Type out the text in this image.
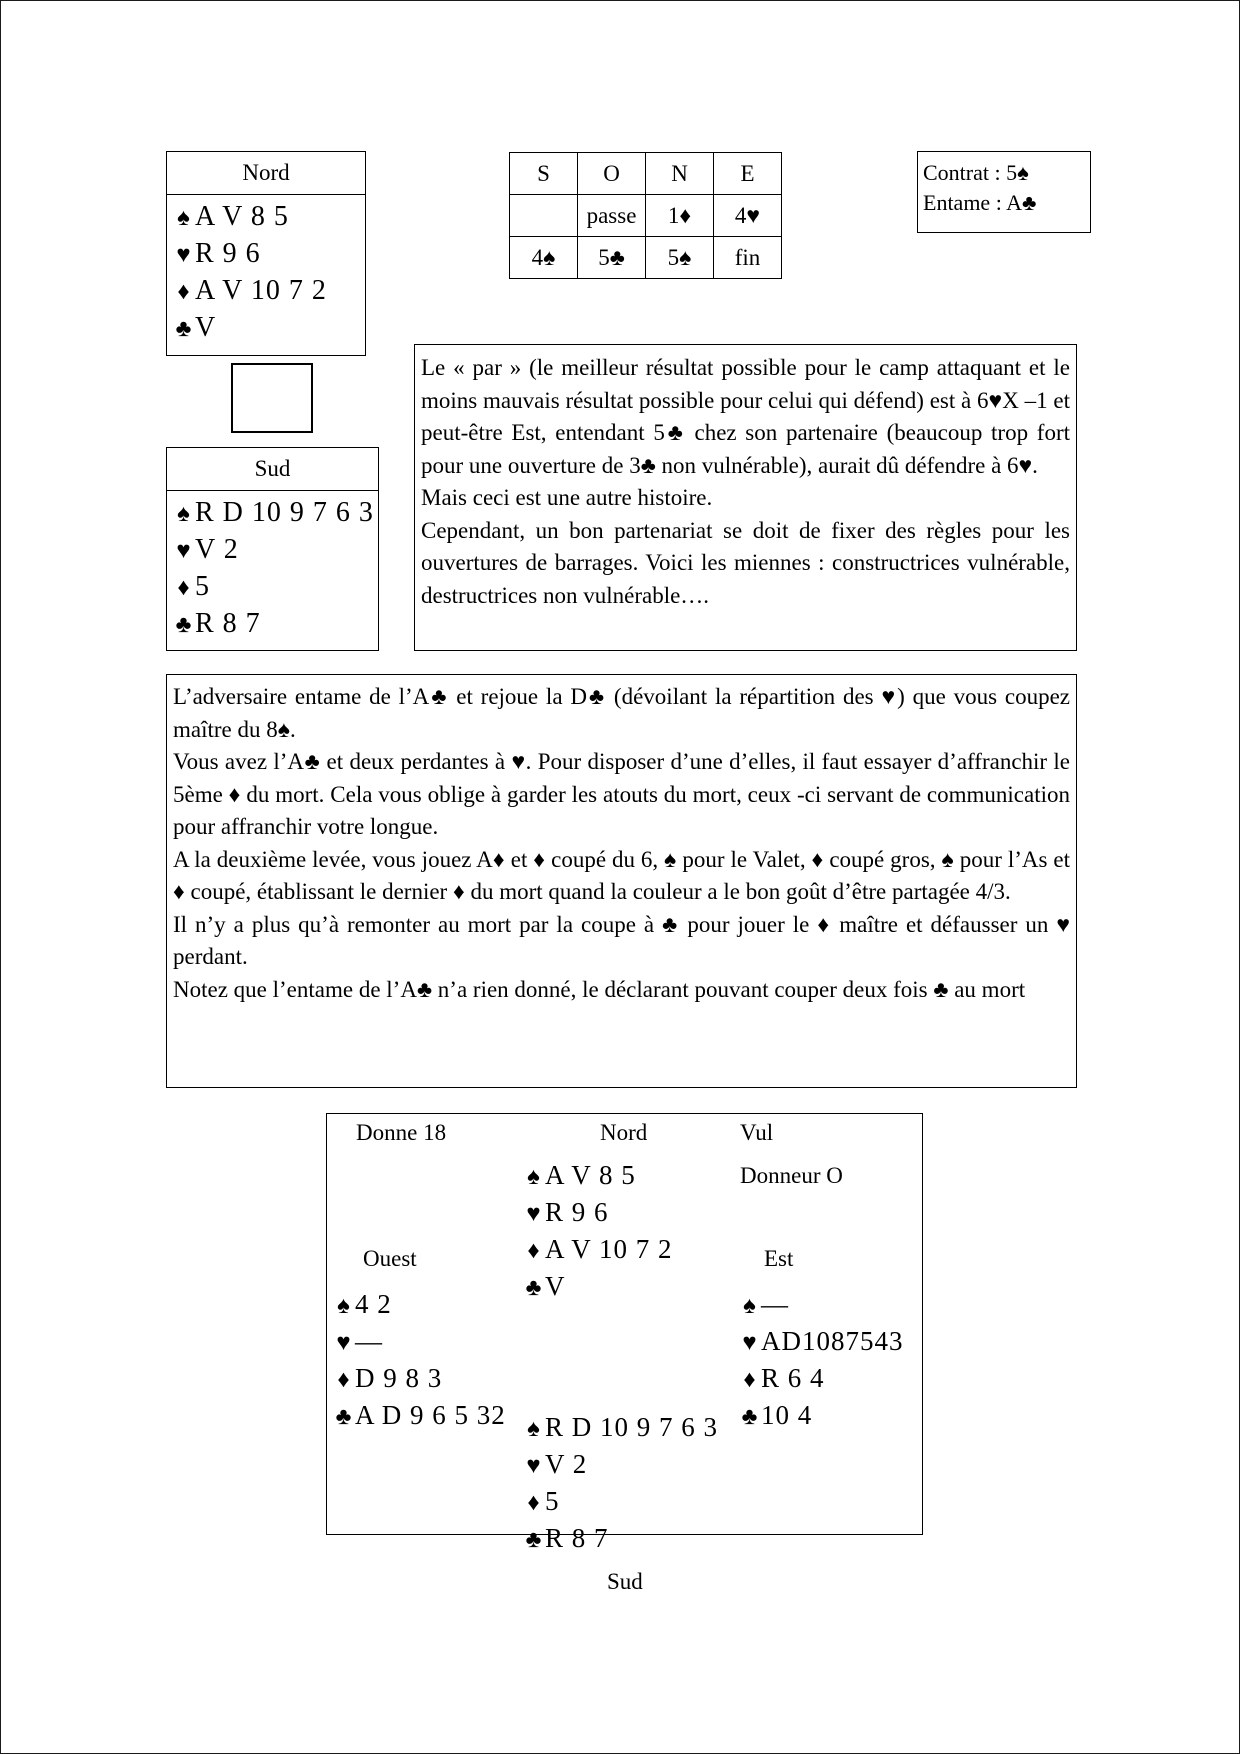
Nord
♠ A V 8 5
♥ R 9 6
♦ A V 10 7 2
♣V
Sud
♠ R D 10 9 7 6 3
♥ V 2
♦ 5
♣R 8 7
S	O	N	E
	passe	1♦	4♥
4♠	5♣	5♠	fin
Contrat : 5♠
Entame : A♣

Le « par » (le meilleur résultat possible pour le camp attaquant et le moins mauvais résultat possible pour celui qui défend) est à 6♥X –1 et peut-être Est, entendant 5♣ chez son partenaire (beaucoup trop fort pour une ouverture de 3♣ non vulnérable), aurait dû défendre à 6♥.

Mais ceci est une autre histoire.

Cependant, un bon partenariat se doit de fixer des règles pour les ouvertures de barrages. Voici les miennes : constructrices vulnérable, destructrices non vulnérable….

L’adversaire entame de l’A♣ et rejoue la D♣ (dévoilant la répartition des ♥) que vous coupez maître du 8♠.

Vous avez l’A♣ et deux perdantes à ♥. Pour disposer d’une d’elles, il faut essayer d’affranchir le 5ème ♦ du mort. Cela vous oblige à garder les atouts du mort, ceux -ci servant de communication pour affranchir votre longue.

A la deuxième levée, vous jouez A♦ et ♦ coupé du 6, ♠ pour le Valet, ♦ coupé gros, ♠ pour l’As et ♦ coupé, établissant le dernier ♦ du mort quand la couleur a le bon goût d’être partagée 4/3.

Il n’y a plus qu’à remonter au mort par la coupe à ♣ pour jouer le ♦ maître et défausser un ♥ perdant.

Notez que l’entame de l’A♣ n’a rien donné, le déclarant pouvant couper deux fois ♣ au mort

Donne 18	Nord	Vul
Donneur O
Ouest	Est
Sud
♠ A V 8 5
♥ R 9 6
♦ A V 10 7 2
♣V
♠ 4 2
♥ —
♦ D 9 8 3
♣A D 9 6 5 32
♠ —
♥ AD1087543
♦ R 6 4
♣10 4
♠ R D 10 9 7 6 3
♥ V 2
♦ 5
♣R 8 7
